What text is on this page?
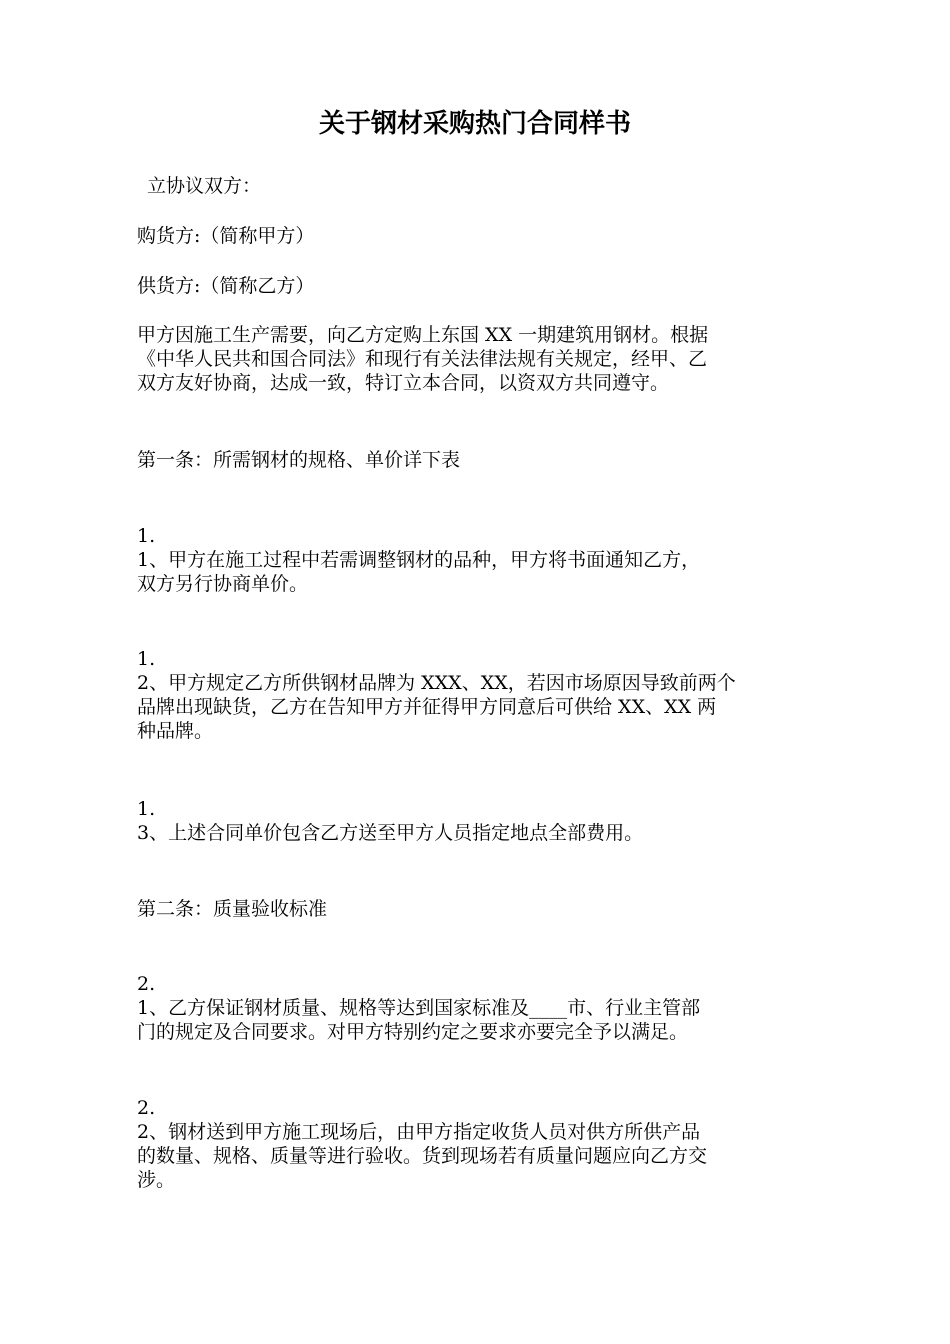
关于钢材采购热门合同样书

立协议双方：

购货方:（简称甲方）

供货方:（简称乙方）

甲方因施工生产需要，向乙方定购上东国 XX 一期建筑用钢材。根据
《中华人民共和国合同法》和现行有关法律法规有关规定，经甲、乙
双方友好协商，达成一致，特订立本合同，以资双方共同遵守。

第一条：所需钢材的规格、单价详下表

1.
1、甲方在施工过程中若需调整钢材的品种，甲方将书面通知乙方，
双方另行协商单价。
1.
2、甲方规定乙方所供钢材品牌为 XXX、XX，若因市场原因导致前两个
品牌出现缺货，乙方在告知甲方并征得甲方同意后可供给 XX、XX 两
种品牌。
1.
3、上述合同单价包含乙方送至甲方人员指定地点全部费用。

第二条：质量验收标准

2.
1、乙方保证钢材质量、规格等达到国家标准及____市、行业主管部
门的规定及合同要求。对甲方特别约定之要求亦要完全予以满足。
2.
2、钢材送到甲方施工现场后，由甲方指定收货人员对供方所供产品
的数量、规格、质量等进行验收。货到现场若有质量问题应向乙方交
涉。
